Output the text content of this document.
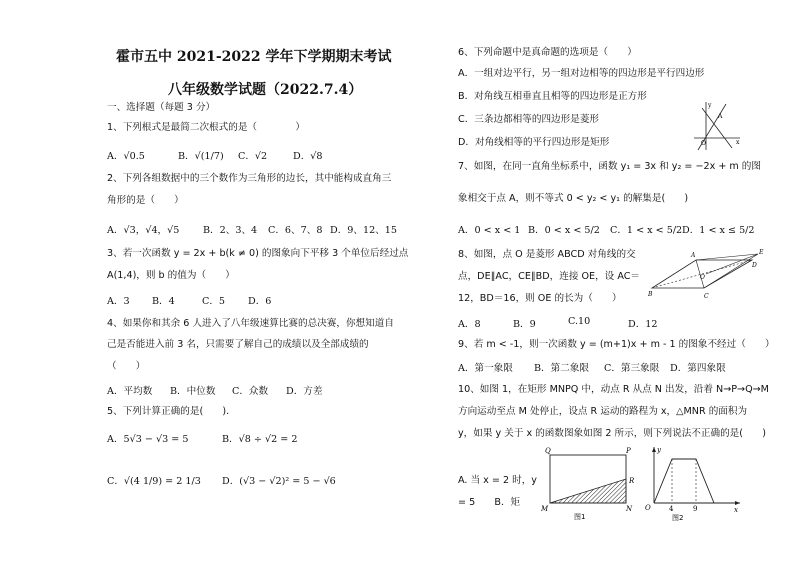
霍市五中 2021-2022 学年下学期期末考试
八年级数学试题（2022.7.4）
一、选择题（每题 3 分）
1、下列根式是最简二次根式的是（　　　　）
A．√0.5	B．√(1/7) C．√2	D．√8
2、下列各组数据中的三个数作为三角形的边长，其中能构成直角三
角形的是（　　）
A．√3，√4，√5 B．2、3、4 C．6、7、8 D．9、12、15
3、若一次函数 y = 2x + b(k ≠ 0) 的图象向下平移 3 个单位后经过点
A(1,4)，则 b 的值为（　　）
A．3 B．4	C．5 D．6
4、如果你和其余 6 人进入了八年级速算比赛的总决赛，你想知道自
己是否能进入前 3 名，只需要了解自己的成绩以及全部成绩的
（　　）
A．平均数 B．中位数 C．众数 D．方差
5、下列计算正确的是(　　).
A．5√3 − √3 = 5	B．√8 ÷ √2 = 2
C．√(4 1/9) = 2 1/3 D．(√3 − √2)² = 5 − √6
6、下列命题中是真命题的选项是（　　）
A．一组对边平行，另一组对边相等的四边形是平行四边形
B．对角线互相垂直且相等的四边形是正方形
C．三条边都相等的四边形是菱形
D．对角线相等的平行四边形是矩形
y
A
O	x
7、如图，在同一直角坐标系中，函数 y₁ = 3x 和 y₂ = −2x + m 的图
象相交于点 A，则不等式 0 < y₂ < y₁ 的解集是(　　)
A．0 < x < 1 B．0 < x < 5/2 C．1 < x < 5/2 D．1 < x ≤ 5/2
8、如图，点 O 是菱形 ABCD 对角线的交
点，DE∥AC，CE∥BD，连接 OE，设 AC＝
12，BD＝16，则 OE 的长为（　　）
A
B	C
D
E
O
A．8	B．9	C.10	D．12
9、若 m < -1，则一次函数 y = (m+1)x + m - 1 的图象不经过（　　）
A．第一象限 B．第二象限 C．第三象限 D．第四象限
10、如图 1，在矩形 MNPQ 中，动点 R 从点 N 出发，沿着 N→P→Q→M
方向运动至点 M 处停止，设点 R 运动的路程为 x，△MNR 的面积为
y，如果 y 关于 x 的函数图象如图 2 所示，则下列说法不正确的是(　　)
A. 当 x = 2 时，y
= 5　　B．矩
Q	P
R
M	N
图1
y
O	4	9	x
图2
